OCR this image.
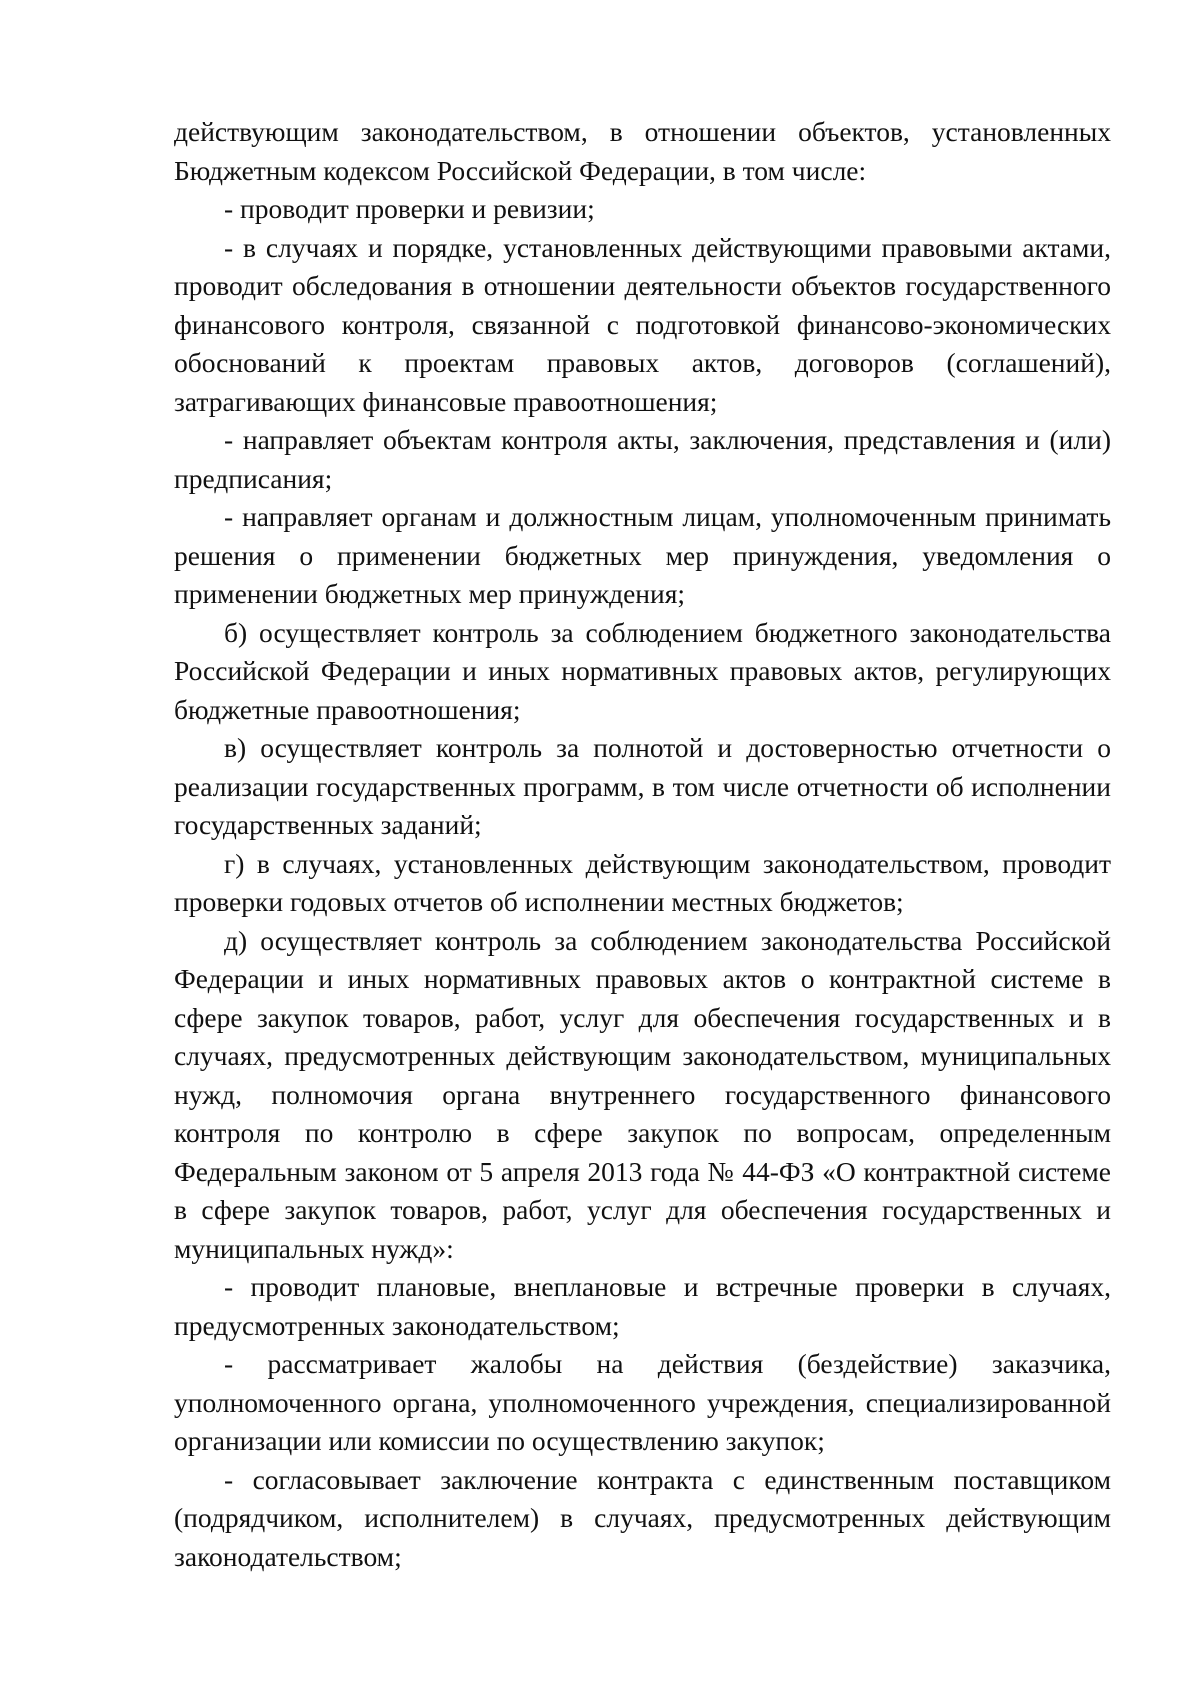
действующим законодательством, в отношении объектов, установленных Бюджетным кодексом Российской Федерации, в том числе:

- проводит проверки и ревизии;

- в случаях и порядке, установленных действующими правовыми актами, проводит обследования в отношении деятельности объектов государственного финансового контроля, связанной с подготовкой финансово-экономических обоснований к проектам правовых актов, договоров (соглашений), затрагивающих финансовые правоотношения;

- направляет объектам контроля акты, заключения, представления и (или) предписания;

- направляет органам и должностным лицам, уполномоченным принимать решения о применении бюджетных мер принуждения, уведомления о применении бюджетных мер принуждения;

б) осуществляет контроль за соблюдением бюджетного законодательства Российской Федерации и иных нормативных правовых актов, регулирующих бюджетные правоотношения;

в) осуществляет контроль за полнотой и достоверностью отчетности о реализации государственных программ, в том числе отчетности об исполнении государственных заданий;

г) в случаях, установленных действующим законодательством, проводит проверки годовых отчетов об исполнении местных бюджетов;

д) осуществляет контроль за соблюдением законодательства Российской Федерации и иных нормативных правовых актов о контрактной системе в сфере закупок товаров, работ, услуг для обеспечения государственных и в случаях, предусмотренных действующим законодательством, муниципальных нужд, полномочия органа внутреннего государственного финансового контроля по контролю в сфере закупок по вопросам, определенным Федеральным законом от 5 апреля 2013 года № 44-ФЗ «О контрактной системе в сфере закупок товаров, работ, услуг для обеспечения государственных и муниципальных нужд»:

- проводит плановые, внеплановые и встречные проверки в случаях, предусмотренных законодательством;

- рассматривает жалобы на действия (бездействие) заказчика, уполномоченного органа, уполномоченного учреждения, специализированной организации или комиссии по осуществлению закупок;

- согласовывает заключение контракта с единственным поставщиком (подрядчиком, исполнителем) в случаях, предусмотренных действующим законодательством;
